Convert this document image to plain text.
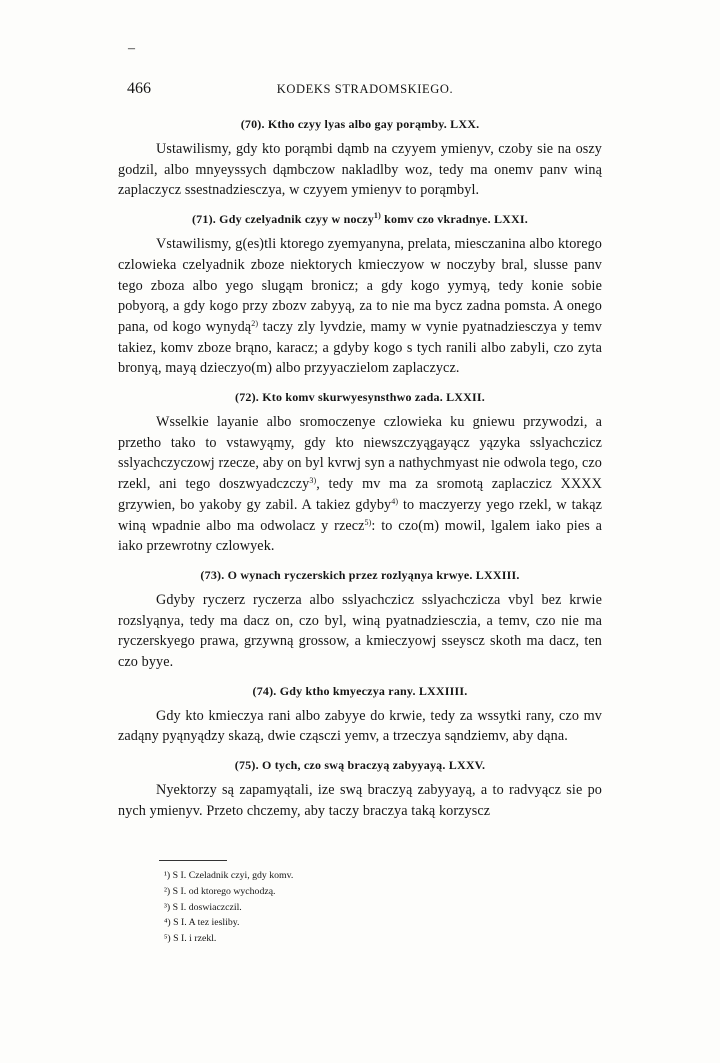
–
466	KODEKS STRADOMSKIEGO.
(70). Ktho czyy lyas albo gay porąmby. LXX.

Ustawilismy, gdy kto porąmbi dąmb na czyyem ymienyv, czoby sie na oszy godzil, albo mnyeyssych dąmbczow nakladlby woz, tedy ma onemv panv winą zaplaczycz ssestnadziesczya, w czyyem ymienyv to porąmbyl.

(71). Gdy czelyadnik czyy w noczy$^{1)}$ komv czo vkradnye. LXXI.

Vstawilismy, g(es)tli ktorego zyemyanyna, prelata, miesczanina albo ktorego czlowieka czelyadnik zboze niektorych kmieczyow w noczyby bral, slusse panv tego zboza albo yego slugąm bronicz; a gdy kogo yymyą, tedy konie sobie pobyorą, a gdy kogo przy zbozv zabyyą, za to nie ma bycz zadna pomsta. A onego pana, od kogo wynydą$^{2)}$ taczy zly lyvdzie, mamy w vynie pyatnadziesczya y temv takiez, komv zboze brąno, karacz; a gdyby kogo s tych ranili albo zabyli, czo zyta bronyą, mayą dzieczyo(m) albo przyyaczielom zaplaczycz.

(72). Kto komv skurwyesynsthwo zada. LXXII.

Wsselkie layanie albo sromoczenye czlowieka ku gniewu przywodzi, a przetho tako to vstawyąmy, gdy kto niewszczyągayącz yązyka sslyachczicz sslyachczyczowj rzecze, aby on byl kvrwj syn a nathychmyast nie odwola tego, czo rzekl, ani tego doszwyadczczy$^{3)}$, tedy mv ma za sromotą zaplaczicz XXXX grzywien, bo yakoby gy zabil. A takiez gdyby$^{4)}$ to maczyerzy yego rzekl, w takąz winą wpadnie albo ma odwolacz y rzecz$^{5)}$: to czo(m) mowil, lgalem iako pies a iako przewrotny czlowyek.

(73). O wynach ryczerskich przez rozlyąnya krwye. LXXIII.

Gdyby ryczerz ryczerza albo sslyachczicz sslyachczicza vbyl bez krwie rozslyąnya, tedy ma dacz on, czo byl, winą pyatnadziesczia, a temv, czo nie ma ryczerskyego prawa, grzywną grossow, a kmieczyowj sseyscz skoth ma dacz, ten czo byye.

(74). Gdy ktho kmyeczya rany. LXXIIII.

Gdy kto kmieczya rani albo zabyye do krwie, tedy za wssytki rany, czo mv zadąny pyąnyądzy skazą, dwie cząsczi yemv, a trzeczya sąndziemv, aby dąna.

(75). O tych, czo swą braczyą zabyyayą. LXXV.

Nyektorzy są zapamyątali, ize swą braczyą zabyyayą, a to radvyącz sie po nych ymienyv. Przeto chczemy, aby taczy braczya taką korzyscz

¹) S I. Czeladnik czyi, gdy komv.
²) S I. od ktorego wychodzą.
³) S I. doswiaczczil.
⁴) S I. A tez iesliby.
⁵) S I. i rzekl.
